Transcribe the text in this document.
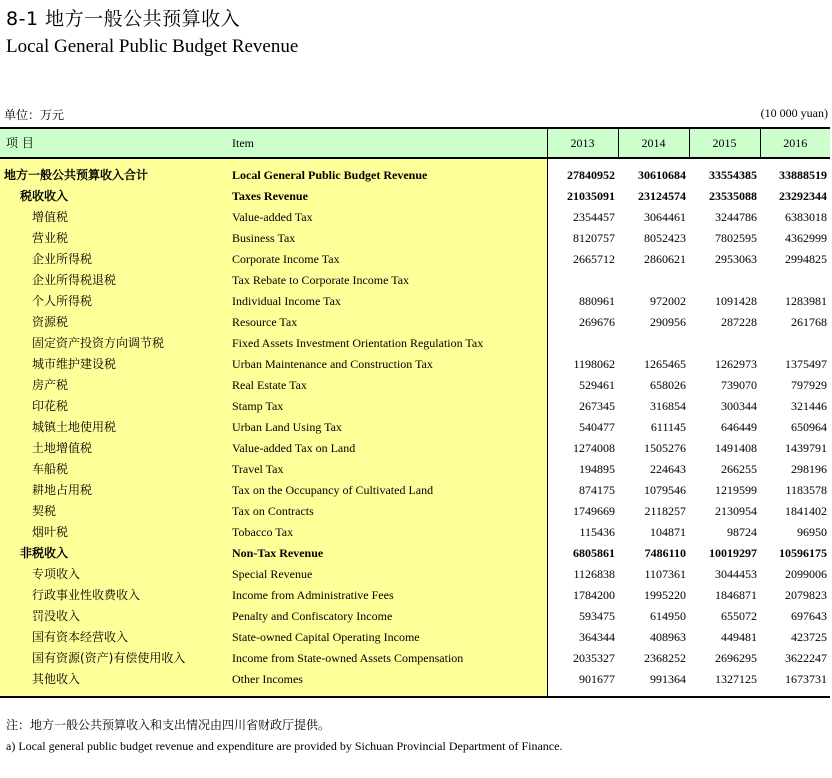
8-1 地方一般公共预算收入
Local General Public Budget Revenue
单位：万元	(10 000 yuan)
项 目	Item	2013	2014	2015	2016
地方一般公共预算收入合计	Local General Public Budget Revenue	27840952	30610684	33554385	33888519
税收收入	Taxes Revenue	21035091	23124574	23535088	23292344
增值税	Value-added Tax	2354457	3064461	3244786	6383018
营业税	Business Tax	8120757	8052423	7802595	4362999
企业所得税	Corporate Income Tax	2665712	2860621	2953063	2994825
企业所得税退税	Tax Rebate to Corporate Income Tax				
个人所得税	Individual Income Tax	880961	972002	1091428	1283981
资源税	Resource Tax	269676	290956	287228	261768
固定资产投资方向调节税	Fixed Assets Investment Orientation Regulation Tax				
城市维护建设税	Urban Maintenance and Construction Tax	1198062	1265465	1262973	1375497
房产税	Real Estate Tax	529461	658026	739070	797929
印花税	Stamp Tax	267345	316854	300344	321446
城镇土地使用税	Urban Land Using Tax	540477	611145	646449	650964
土地增值税	Value-added Tax on Land	1274008	1505276	1491408	1439791
车船税	Travel Tax	194895	224643	266255	298196
耕地占用税	Tax on the Occupancy of Cultivated Land	874175	1079546	1219599	1183578
契税	Tax on Contracts	1749669	2118257	2130954	1841402
烟叶税	Tobacco Tax	115436	104871	98724	96950
非税收入	Non-Tax Revenue	6805861	7486110	10019297	10596175
专项收入	Special Revenue	1126838	1107361	3044453	2099006
行政事业性收费收入	Income from Administrative Fees	1784200	1995220	1846871	2079823
罚没收入	Penalty and Confiscatory Income	593475	614950	655072	697643
国有资本经营收入	State-owned Capital Operating Income	364344	408963	449481	423725
国有资源(资产)有偿使用收入	Income from State-owned Assets Compensation	2035327	2368252	2696295	3622247
其他收入	Other Incomes	901677	991364	1327125	1673731
注：地方一般公共预算收入和支出情况由四川省财政厅提供。
a) Local general public budget revenue and expenditure are provided by Sichuan Provincial Department of Finance.
